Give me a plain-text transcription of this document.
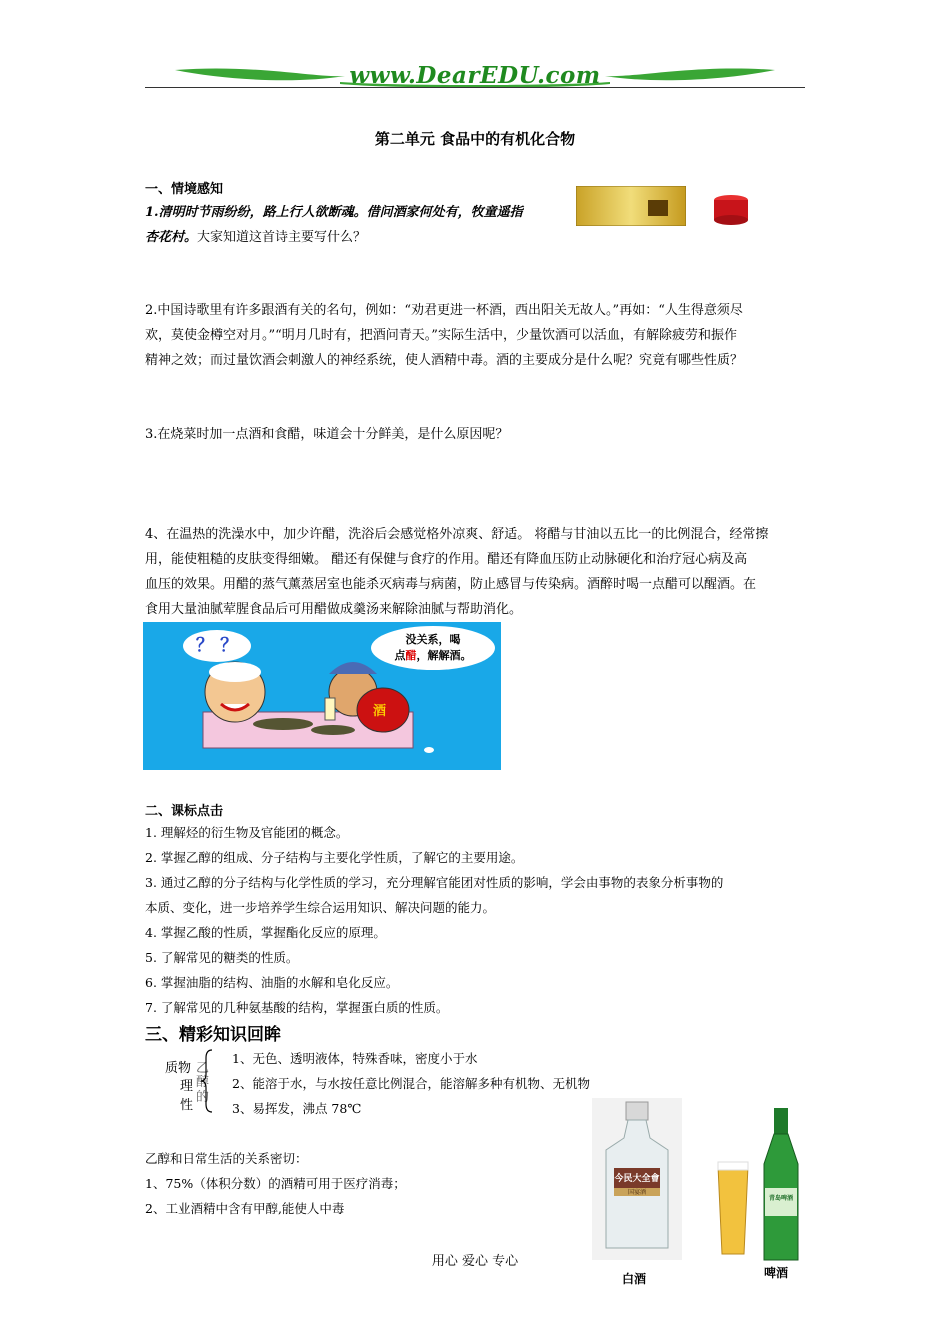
www.DearEDU.com
第二单元 食品中的有机化合物
一、情境感知
1.清明时节雨纷纷，路上行人欲断魂。借问酒家何处有，牧童遥指
杏花村。大家知道这首诗主要写什么？
2.中国诗歌里有许多跟酒有关的名句，例如：“劝君更进一杯酒，西出阳关无故人。”再如：“人生得意须尽
欢，莫使金樽空对月。”“明月几时有，把酒问青天。”实际生活中，少量饮酒可以活血，有解除疲劳和振作
精神之效；而过量饮酒会刺激人的神经系统，使人酒精中毒。酒的主要成分是什么呢？究竟有哪些性质？
3.在烧菜时加一点酒和食醋，味道会十分鲜美，是什么原因呢？
4、在温热的洗澡水中，加少许醋，洗浴后会感觉格外凉爽、舒适。 将醋与甘油以五比一的比例混合，经常擦
用，能使粗糙的皮肤变得细嫩。 醋还有保健与食疗的作用。醋还有降血压防止动脉硬化和治疗冠心病及高
血压的效果。用醋的蒸气薰蒸居室也能杀灭病毒与病菌，防止感冒与传染病。酒醉时喝一点醋可以醒酒。在
食用大量油腻荤腥食品后可用醋做成羹汤来解除油腻与帮助消化。
？ ？	没关系，喝
点醋，解解酒。
酒
二、课标点击
1. 理解烃的衍生物及官能团的概念。
2. 掌握乙醇的组成、分子结构与主要化学性质，了解它的主要用途。
3. 通过乙醇的分子结构与化学性质的学习，充分理解官能团对性质的影响，学会由事物的表象分析事物的
本质、变化，进一步培养学生综合运用知识、解决问题的能力。
4. 掌握乙酸的性质，掌握酯化反应的原理。
5. 了解常见的糖类的性质。
6. 掌握油脂的结构、油脂的水解和皂化反应。
7. 了解常见的几种氨基酸的结构，掌握蛋白质的性质。
三、精彩知识回眸
质物
理
性
乙
醇
的
1、无色、透明液体，特殊香味，密度小于水
2、能溶于水，与水按任意比例混合，能溶解多种有机物、无机物
3、易挥发，沸点 78℃
乙醇和日常生活的关系密切：
1、75%（体积分数）的酒精可用于医疗消毒；
2、工业酒精中含有甲醇,能使人中毒
今民大全會
国宴酒
白酒
青岛啤酒
啤酒
用心 爱心 专心
